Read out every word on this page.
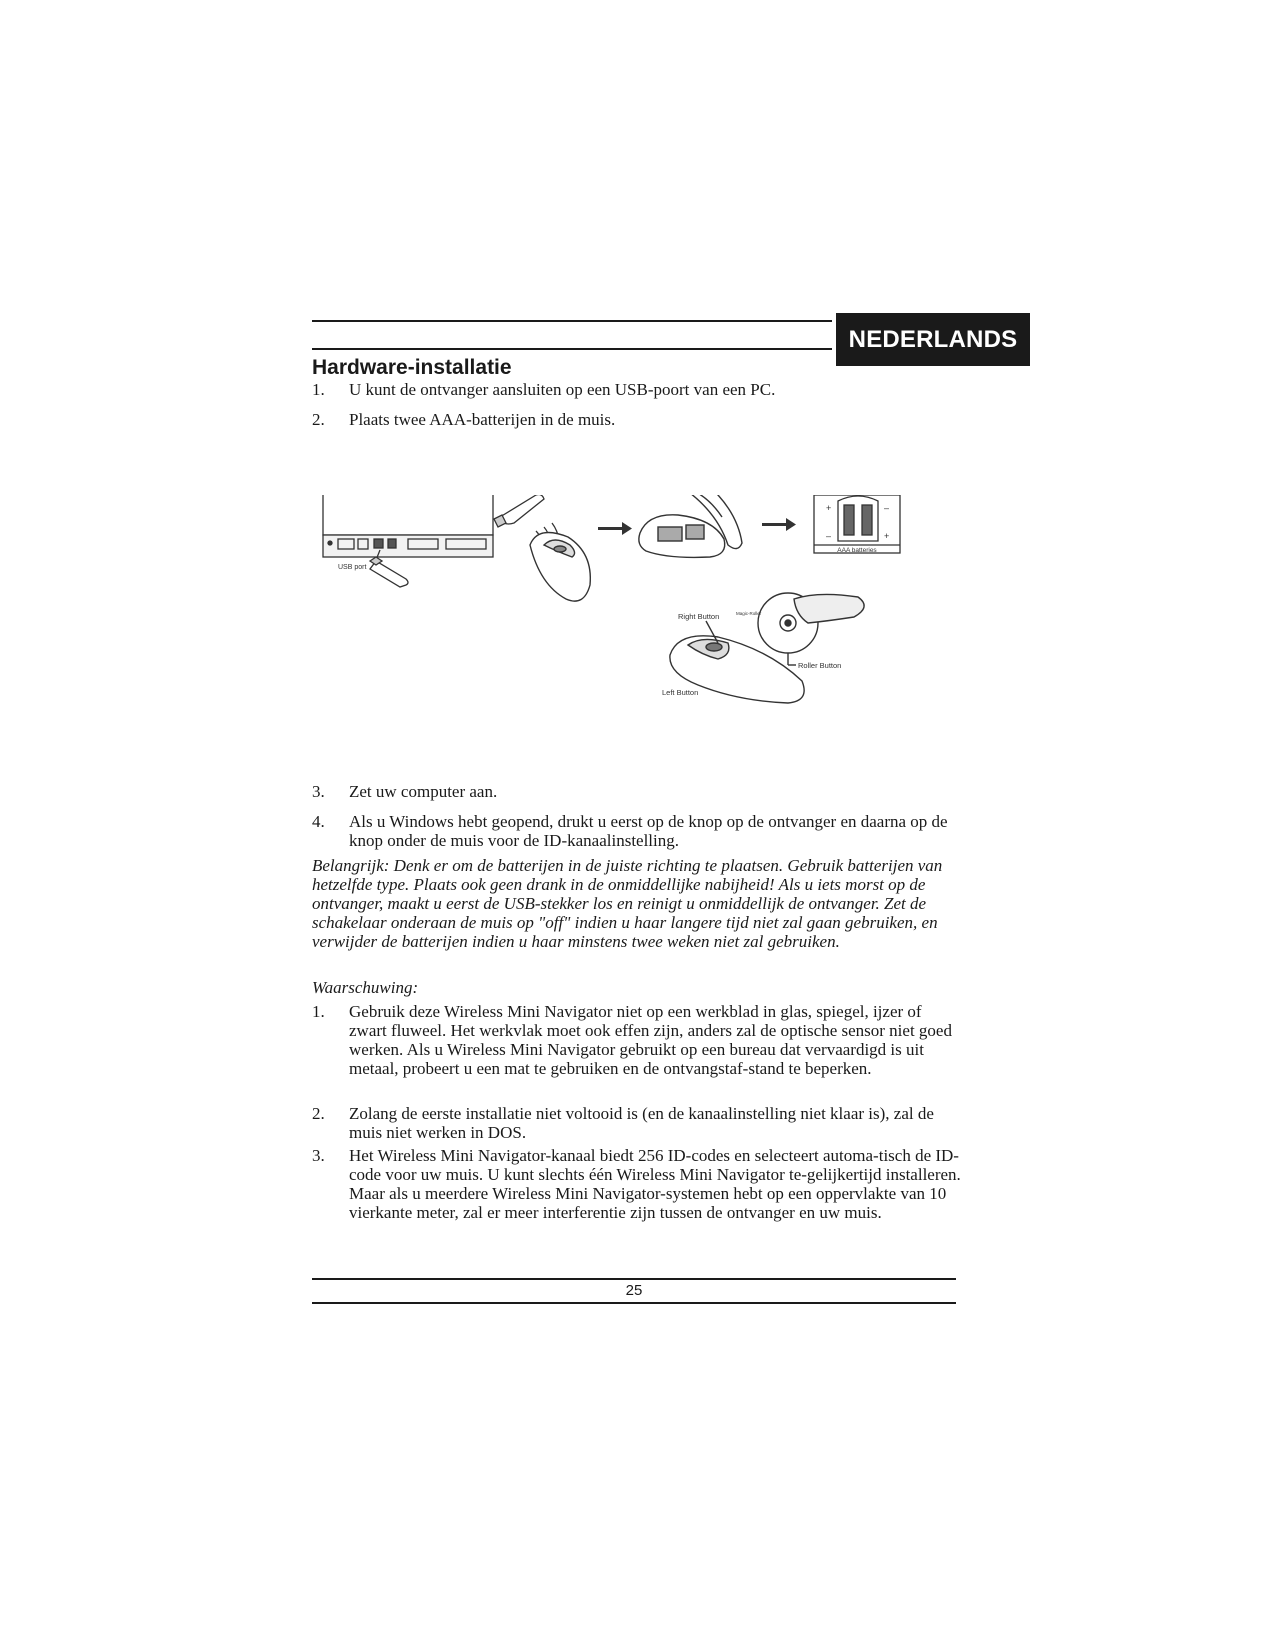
NEDERLANDS
Hardware-installatie
1.	U kunt de ontvanger aansluiten op een USB-poort van een PC.
2.	Plaats twee AAA-batterijen in de muis.
USB port
+	–
–	+
AAA batteries
Right Button	Magic-Roller
Roller Button
Left Button
3.	Zet uw computer aan.
4.	Als u Windows hebt geopend, drukt u eerst op de knop op de ontvanger en daarna op de knop onder de muis voor de ID-kanaalinstelling.
Belangrijk: Denk er om de batterijen in de juiste richting te plaatsen. Gebruik batterijen van hetzelfde type. Plaats ook geen drank in de onmiddellijke nabijheid! Als u iets morst op de ontvanger, maakt u eerst de USB-stekker los en reinigt u onmiddellijk de ontvanger. Zet de schakelaar onderaan de muis op "off" indien u haar langere tijd niet zal gaan gebruiken, en verwijder de batterijen indien u haar minstens twee weken niet zal gebruiken.
Waarschuwing:
1.	Gebruik deze Wireless Mini Navigator niet op een werkblad in glas, spiegel, ijzer of zwart fluweel. Het werkvlak moet ook effen zijn, anders zal de optische sensor niet goed werken. Als u Wireless Mini Navigator gebruikt op een bureau dat vervaardigd is uit metaal, probeert u een mat te gebruiken en de ontvangstaf-stand te beperken.
2.	Zolang de eerste installatie niet voltooid is (en de kanaalinstelling niet klaar is), zal de muis niet werken in DOS.
3.	Het Wireless Mini Navigator-kanaal biedt 256 ID-codes en selecteert automa-tisch de ID-code voor uw muis. U kunt slechts één Wireless Mini Navigator te-gelijkertijd installeren. Maar als u meerdere Wireless Mini Navigator-systemen hebt op een oppervlakte van 10 vierkante meter, zal er meer interferentie zijn tussen de ontvanger en uw muis.
25
